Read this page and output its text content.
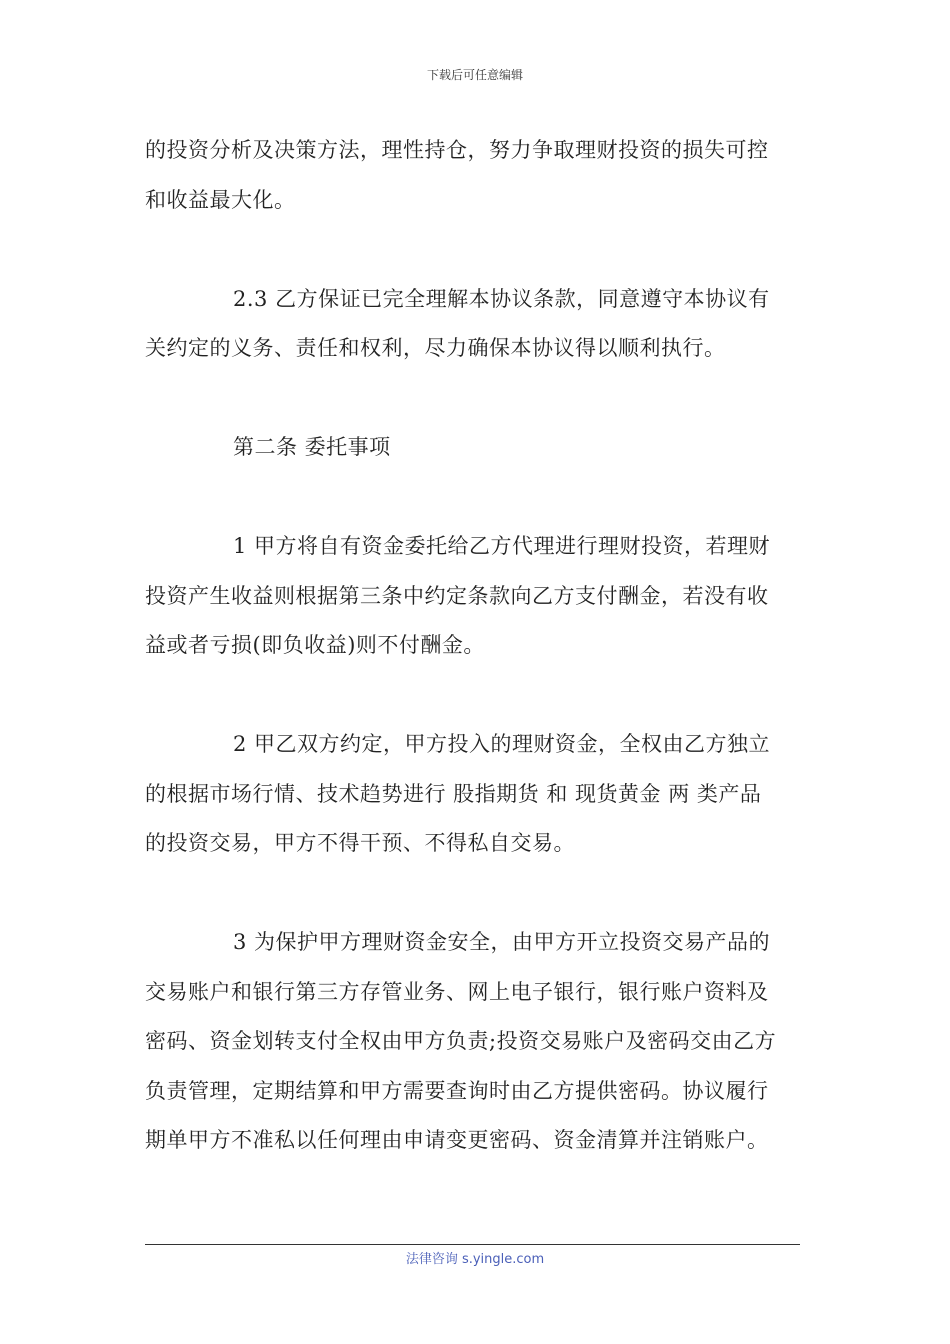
下载后可任意编辑

的投资分析及决策方法，理性持仓，努力争取理财投资的损失可控

和收益最大化。

2.3 乙方保证已完全理解本协议条款，同意遵守本协议有

关约定的义务、责任和权利，尽力确保本协议得以顺利执行。

第二条 委托事项

1 甲方将自有资金委托给乙方代理进行理财投资，若理财

投资产生收益则根据第三条中约定条款向乙方支付酬金，若没有收

益或者亏损(即负收益)则不付酬金。

2 甲乙双方约定，甲方投入的理财资金，全权由乙方独立

的根据市场行情、技术趋势进行 股指期货 和 现货黄金 两 类产品

的投资交易，甲方不得干预、不得私自交易。

3 为保护甲方理财资金安全，由甲方开立投资交易产品的

交易账户和银行第三方存管业务、网上电子银行，银行账户资料及

密码、资金划转支付全权由甲方负责;投资交易账户及密码交由乙方

负责管理，定期结算和甲方需要查询时由乙方提供密码。协议履行

期单甲方不准私以任何理由申请变更密码、资金清算并注销账户。

法律咨询 s.yingle.com
